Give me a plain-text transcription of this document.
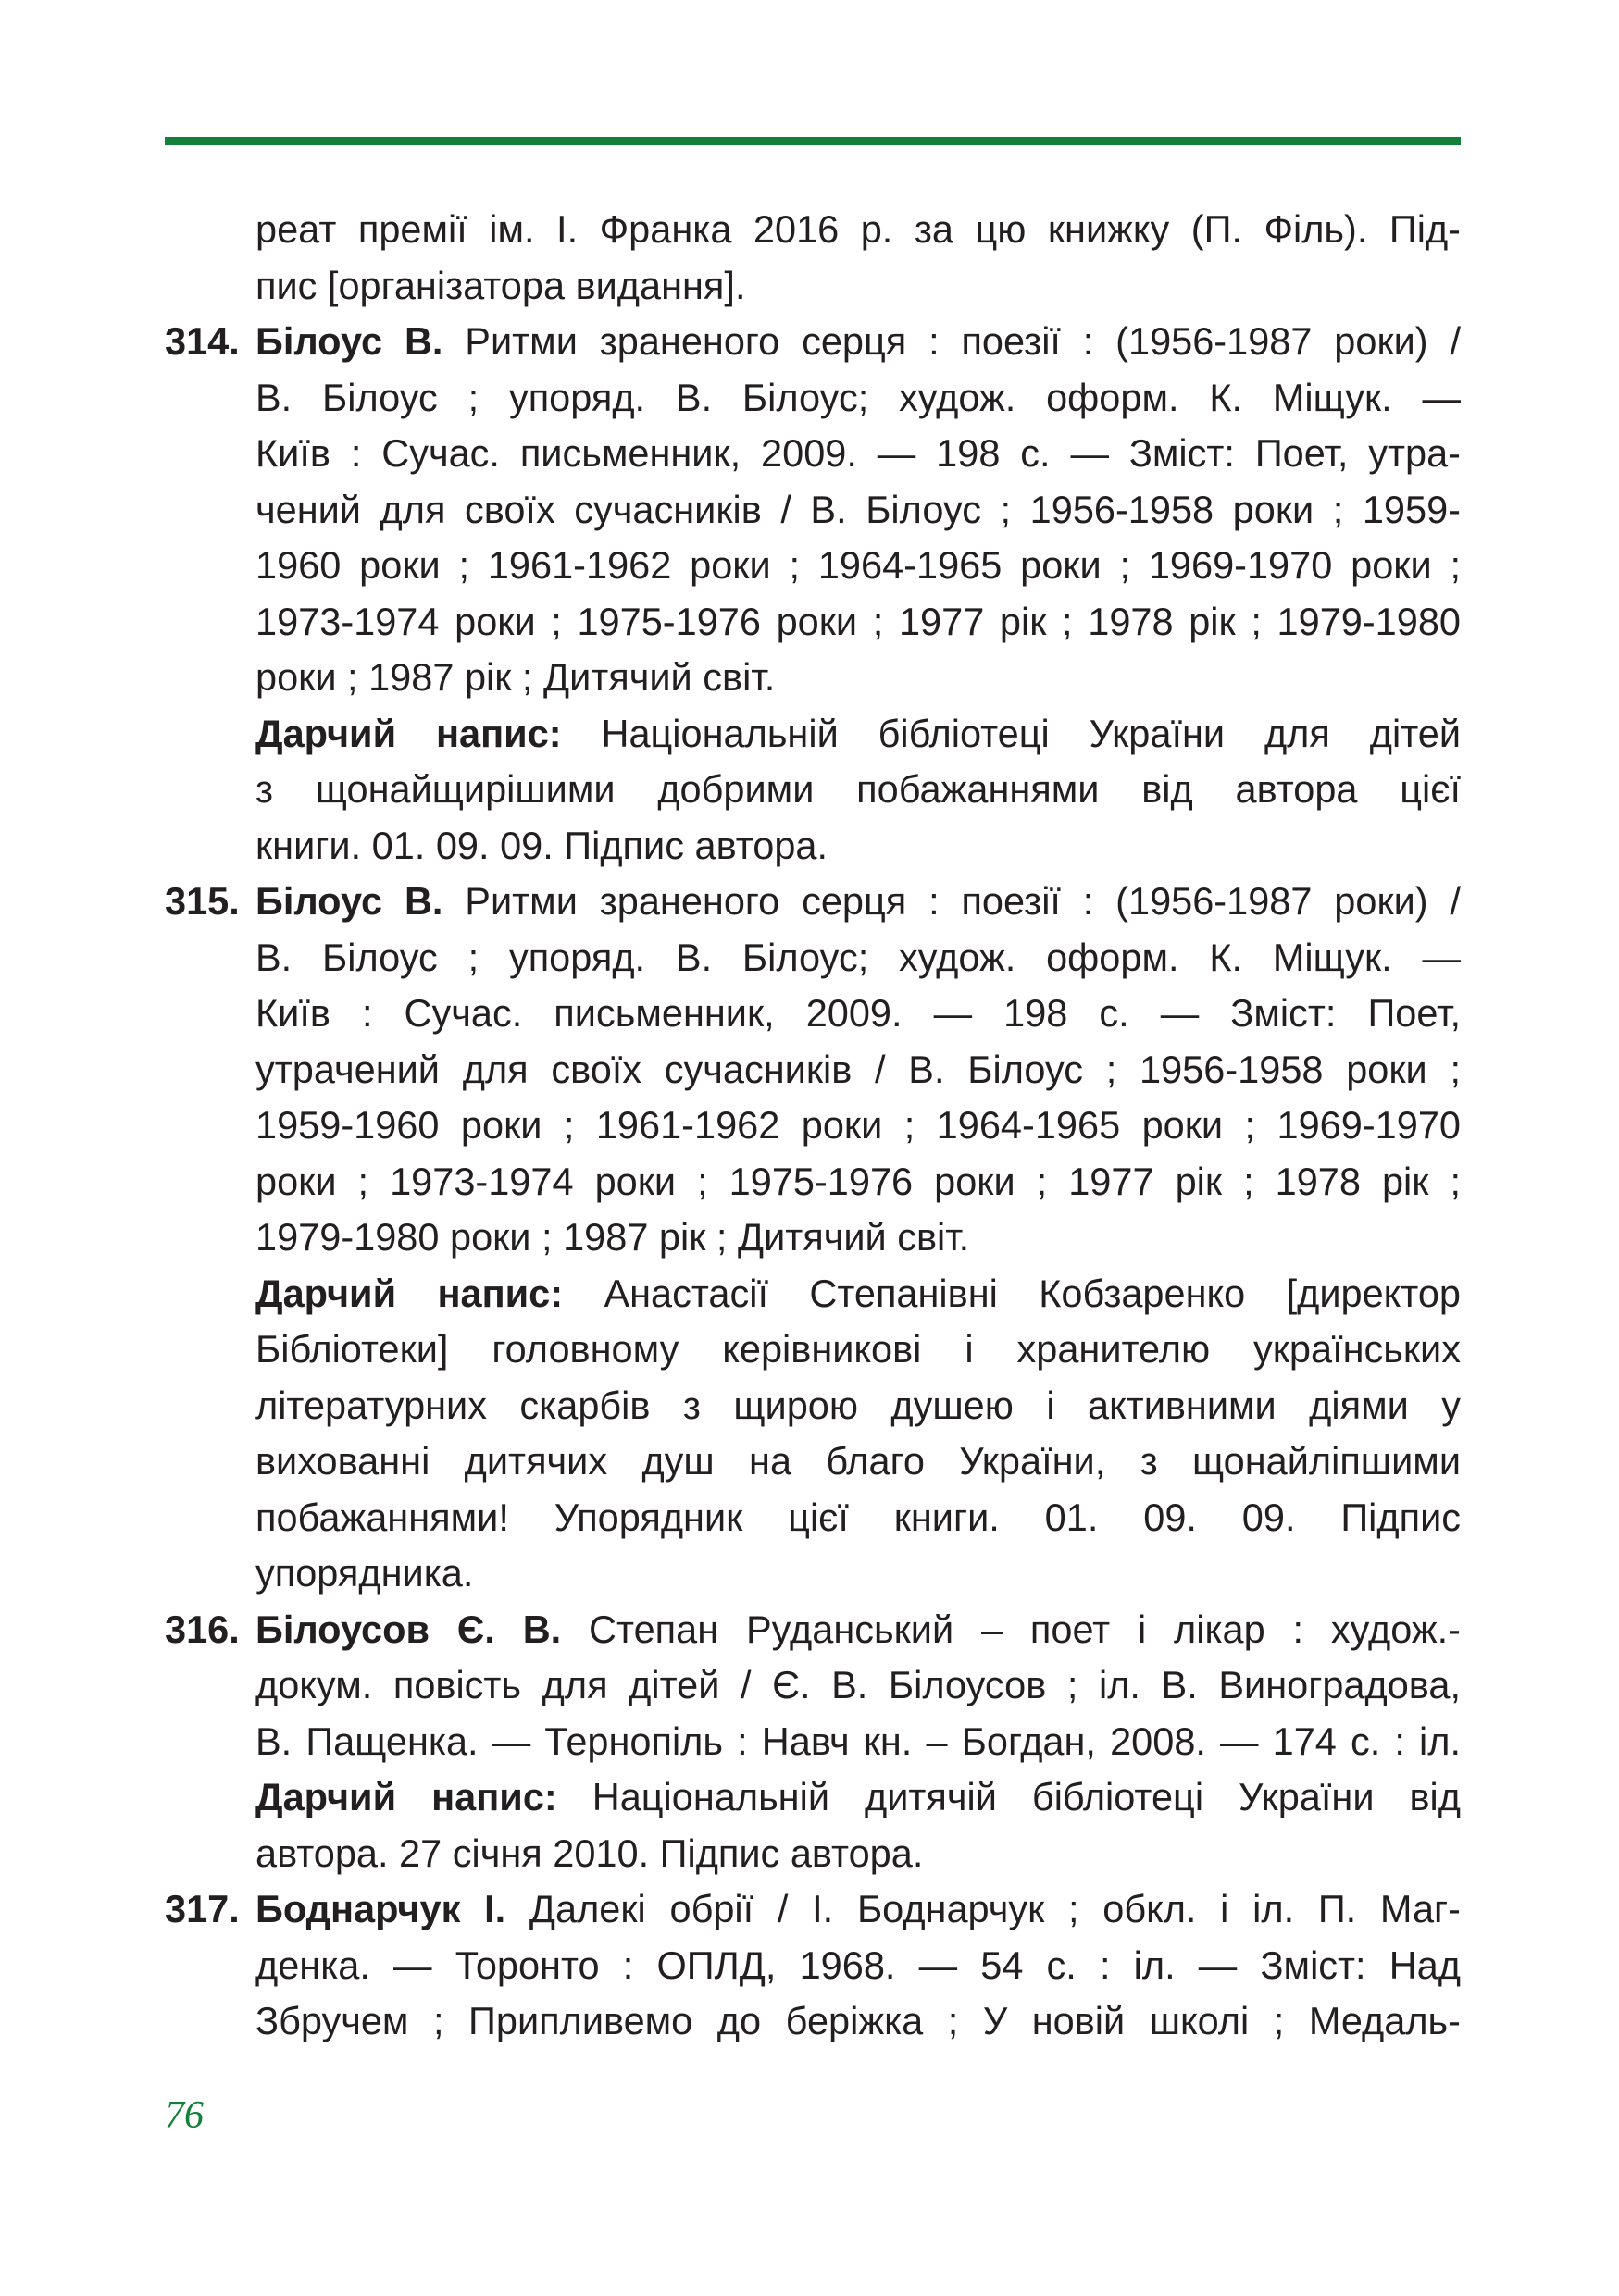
реат премії ім. І. Франка 2016 р. за цю книжку (П. Філь). Під-
пис [організатора видання].
314. Білоус В. Ритми зраненого серця : поезії : (1956-1987 роки) /
В. Білоус ; упоряд. В. Білоус; худож. оформ. К. Міщук. —
Київ : Сучас. письменник, 2009. — 198 с. — Зміст: Поет, утра-
чений для своїх сучасників / В. Білоус ; 1956-1958 роки ; 1959-
1960 роки ; 1961-1962 роки ; 1964-1965 роки ; 1969-1970 роки ;
1973-1974 роки ; 1975-1976 роки ; 1977 рік ; 1978 рік ; 1979-1980
роки ; 1987 рік ; Дитячий світ.
Дарчий напис: Національній бібліотеці України для дітей
з щонайщирішими добрими побажаннями від автора цієї
книги. 01. 09. 09. Підпис автора.
315. Білоус В. Ритми зраненого серця : поезії : (1956-1987 роки) /
В. Білоус ; упоряд. В. Білоус; худож. оформ. К. Міщук. —
Київ : Сучас. письменник, 2009. — 198 с. — Зміст: Поет,
утрачений для своїх сучасників / В. Білоус ; 1956-1958 роки ;
1959-1960 роки ; 1961-1962 роки ; 1964-1965 роки ; 1969-1970
роки ; 1973-1974 роки ; 1975-1976 роки ; 1977 рік ; 1978 рік ;
1979-1980 роки ; 1987 рік ; Дитячий світ.
Дарчий напис: Анастасії Степанівні Кобзаренко [директор
Бібліотеки] головному керівникові і хранителю українських
літературних скарбів з щирою душею і активними діями у
вихованні дитячих душ на благо України, з щонайліпшими
побажаннями! Упорядник цієї книги. 01. 09. 09. Підпис
упорядника.
316. Білоусов Є. В. Степан Руданський – поет і лікар : худож.-
докум. повість для дітей / Є. В. Білоусов ; іл. В. Виноградова,
В. Пащенка. — Тернопіль : Навч кн. – Богдан, 2008. — 174 с. : іл.
Дарчий напис: Національній дитячій бібліотеці України від
автора. 27 січня 2010. Підпис автора.
317. Боднарчук І. Далекі обрії / І. Боднарчук ; обкл. і іл. П. Маг-
денка. — Торонто : ОПЛД, 1968. — 54 с. : іл. — Зміст: Над
Збручем ; Припливемо до беріжка ; У новій школі ; Медаль-
76
